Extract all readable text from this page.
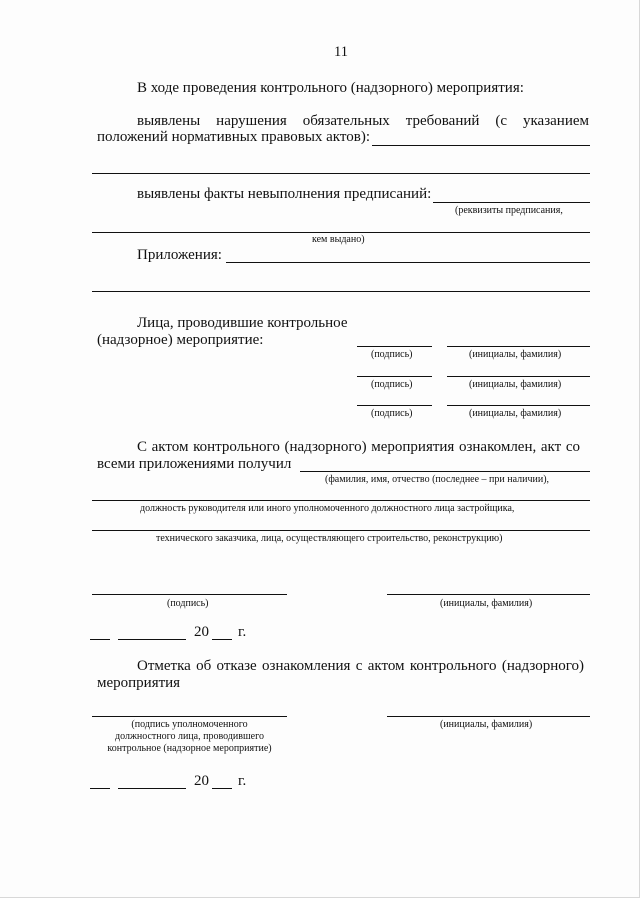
11
В ходе проведения контрольного (надзорного) мероприятия:
выявлены нарушения обязательных требований (с указанием
положений нормативных правовых актов):
выявлены факты невыполнения предписаний:
(реквизиты предписания,
кем выдано)
Приложения:
Лица, проводившие контрольное
(надзорное) мероприятие:
(подпись)	(инициалы, фамилия)
(подпись)	(инициалы, фамилия)
(подпись)	(инициалы, фамилия)
С актом контрольного (надзорного) мероприятия ознакомлен, акт со
всеми приложениями получил
(фамилия, имя, отчество (последнее – при наличии),
должность руководителя или иного уполномоченного должностного лица застройщика,
технического заказчика, лица, осуществляющего строительство, реконструкцию)
(подпись)	(инициалы, фамилия)
20 г.
Отметка об отказе ознакомления с актом контрольного (надзорного)
мероприятия
(подпись уполномоченного
должностного лица, проводившего
контрольное (надзорное мероприятие)
(инициалы, фамилия)
20 г.
